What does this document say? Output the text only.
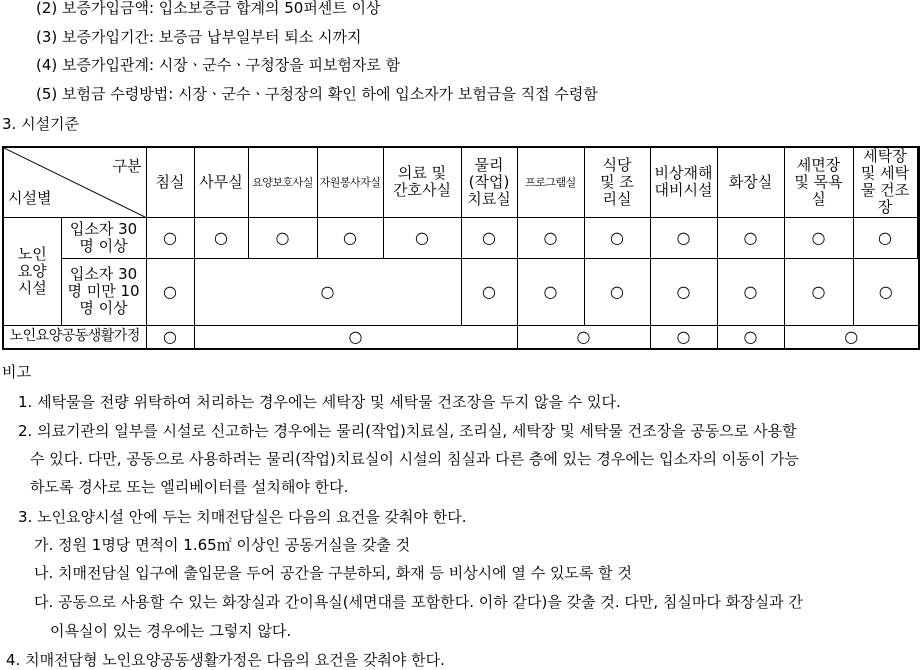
(2) 보증가입금액: 입소보증금 합계의 50퍼센트 이상
(3) 보증가입기간: 보증금 납부일부터 퇴소 시까지
(4) 보증가입관계: 시장ㆍ군수ㆍ구청장을 피보험자로 함
(5) 보험금 수령방법: 시장ㆍ군수ㆍ구청장의 확인 하에 입소자가 보험금을 직접 수령함
3. 시설기준
구분
시설별		침실	사무실	요양보호사실	자원봉사자실	의료 및 간호사실	물리 (작업) 치료실	프로그램실	식당 및 조리실	비상재해 대비시설	화장실	세면장 및 목욕실	세탁장 및 세탁물 건조장
노인 요양 시설	입소자 30명 이상	○	○	○	○	○	○	○	○	○	○	○	○
	입소자 30명 미만 10명 이상	○	○				○	○	○	○	○	○	○
노인요양공동생활가정		○	○					○		○	○	○	
비고
1. 세탁물을 전량 위탁하여 처리하는 경우에는 세탁장 및 세탁물 건조장을 두지 않을 수 있다.
2. 의료기관의 일부를 시설로 신고하는 경우에는 물리(작업)치료실, 조리실, 세탁장 및 세탁물 건조장을 공동으로 사용할
수 있다. 다만, 공동으로 사용하려는 물리(작업)치료실이 시설의 침실과 다른 층에 있는 경우에는 입소자의 이동이 가능
하도록 경사로 또는 엘리베이터를 설치해야 한다.
3. 노인요양시설 안에 두는 치매전담실은 다음의 요건을 갖춰야 한다.
가. 정원 1명당 면적이 1.65㎡ 이상인 공동거실을 갖출 것
나. 치매전담실 입구에 출입문을 두어 공간을 구분하되, 화재 등 비상시에 열 수 있도록 할 것
다. 공동으로 사용할 수 있는 화장실과 간이욕실(세면대를 포함한다. 이하 같다)을 갖출 것. 다만, 침실마다 화장실과 간
이욕실이 있는 경우에는 그렇지 않다.
4. 치매전담형 노인요양공동생활가정은 다음의 요건을 갖춰야 한다.
